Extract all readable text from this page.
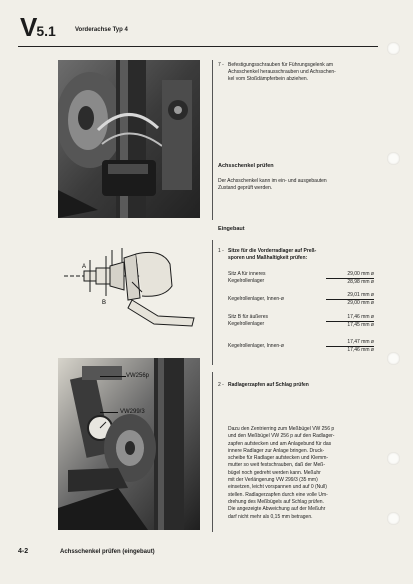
V5.1	Vorderachse Typ 4
7 - Befestigungsschrauben für Führungsgelenk am
Achsschenkel herausschrauben und Achsschen-
kel vom Stoßdämpferbein abziehen.
Achsschenkel prüfen
Der Achsschenkel kann im ein- und ausgebauten
Zustand geprüft werden.
Eingebaut
A
B
1 - Sitze für die Vorderradlager auf Preß-
sporen und Maßhaltigkeit prüfen:
Sitz A für inneres
Kegelrollenlager
29,00 mm ø
28,98 mm ø
Kegelrollenlager, Innen-ø
29,01 mm ø
29,00 mm ø
Sitz B für äußeres
Kegelrollenlager
17,46 mm ø
17,45 mm ø
Kegelrollenlager, Innen-ø
17,47 mm ø
17,46 mm ø
VW256p
VW299/3
2 - Radlagerzapfen auf Schlag prüfen
Dazu den Zentrierring zum Meßbügel VW 256 p
und den Meßbügel VW 256 p auf den Radlager-
zapfen aufstecken und am Anlagebund für das
innere Radlager zur Anlage bringen. Druck-
scheibe für Radlager aufstecken und Klemm-
mutter so weit festschrauben, daß der Meß-
bügel noch gedreht werden kann. Meßuhr
mit der Verlängerung VW 299/3 (35 mm)
einsetzen, leicht vorspannen und auf 0 (Null)
stellen. Radlagerzapfen durch eine volle Um-
drehung des Meßbügels auf Schlag prüfen.
Die angezeigte Abweichung auf der Meßuhr
darf nicht mehr als 0,15 mm betragen.
4-2	Achsschenkel prüfen (eingebaut)
